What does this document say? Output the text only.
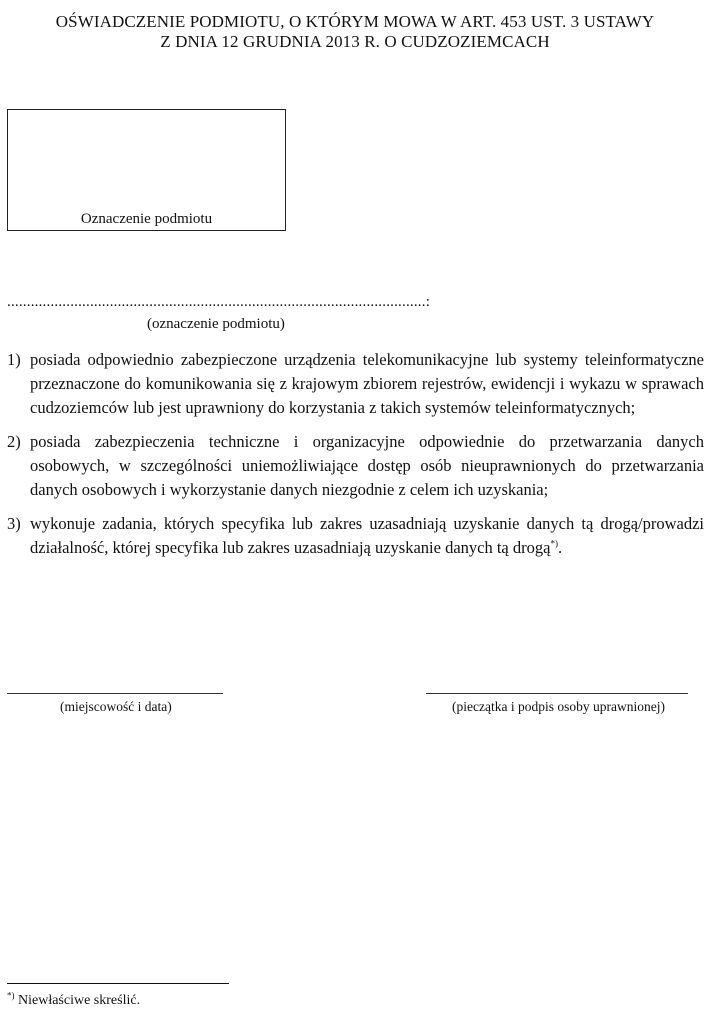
OŚWIADCZENIE PODMIOTU, O KTÓRYM MOWA W ART. 453 UST. 3 USTAWY
Z DNIA 12 GRUDNIA 2013 R. O CUDZOZIEMCACH
Oznaczenie podmiotu
..........................................................................................................:
(oznaczenie podmiotu)
1) posiada odpowiednio zabezpieczone urządzenia telekomunikacyjne lub systemy teleinformatyczne przeznaczone do komunikowania się z krajowym zbiorem rejestrów, ewidencji i wykazu w sprawach cudzoziemców lub jest uprawniony do korzystania z takich systemów teleinformatycznych;
2) posiada zabezpieczenia techniczne i organizacyjne odpowiednie do przetwarzania danych osobowych, w szczególności uniemożliwiające dostęp osób nieuprawnionych do przetwarzania danych osobowych i wykorzystanie danych niezgodnie z celem ich uzyskania;
3) wykonuje zadania, których specyfika lub zakres uzasadniają uzyskanie danych tą drogą/prowadzi działalność, której specyfika lub zakres uzasadniają uzyskanie danych tą drogą*).
(miejscowość i data)	(pieczątka i podpis osoby uprawnionej)
*) Niewłaściwe skreślić.
